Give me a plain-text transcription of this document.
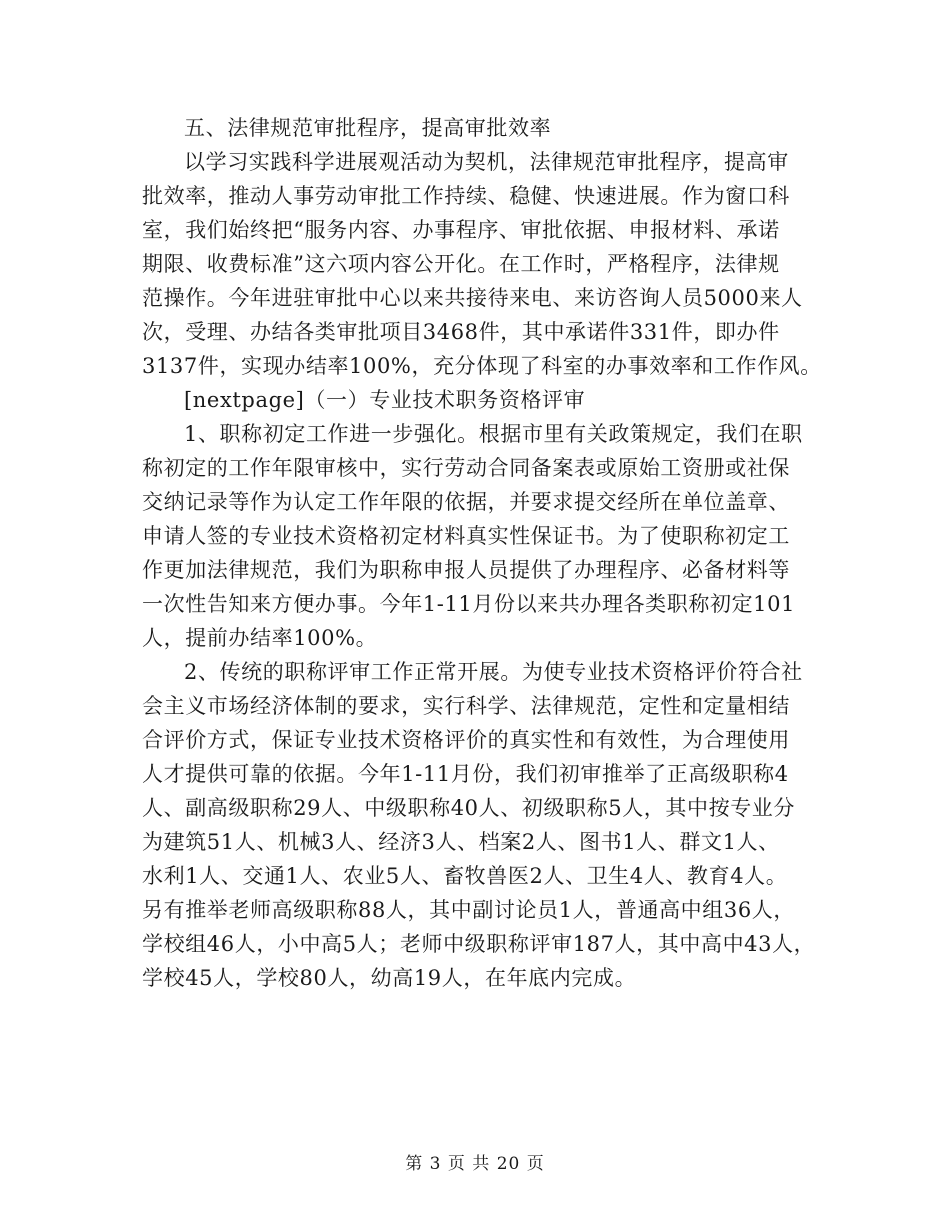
五、法律规范审批程序，提高审批效率
以学习实践科学进展观活动为契机，法律规范审批程序，提高审
批效率，推动人事劳动审批工作持续、稳健、快速进展。作为窗口科
室，我们始终把“服务内容、办事程序、审批依据、申报材料、承诺
期限、收费标准”这六项内容公开化。在工作时，严格程序，法律规
范操作。今年进驻审批中心以来共接待来电、来访咨询人员5000来人
次，受理、办结各类审批项目3468件，其中承诺件331件，即办件
3137件，实现办结率100%，充分体现了科室的办事效率和工作作风。
[nextpage]（一）专业技术职务资格评审
1、职称初定工作进一步强化。根据市里有关政策规定，我们在职
称初定的工作年限审核中，实行劳动合同备案表或原始工资册或社保
交纳记录等作为认定工作年限的依据，并要求提交经所在单位盖章、
申请人签的专业技术资格初定材料真实性保证书。为了使职称初定工
作更加法律规范，我们为职称申报人员提供了办理程序、必备材料等
一次性告知来方便办事。今年1-11月份以来共办理各类职称初定101
人，提前办结率100%。
2、传统的职称评审工作正常开展。为使专业技术资格评价符合社
会主义市场经济体制的要求，实行科学、法律规范，定性和定量相结
合评价方式，保证专业技术资格评价的真实性和有效性，为合理使用
人才提供可靠的依据。今年1-11月份，我们初审推举了正高级职称4
人、副高级职称29人、中级职称40人、初级职称5人，其中按专业分
为建筑51人、机械3人、经济3人、档案2人、图书1人、群文1人、
水利1人、交通1人、农业5人、畜牧兽医2人、卫生4人、教育4人。
另有推举老师高级职称88人，其中副讨论员1人，普通高中组36人，
学校组46人，小中高5人；老师中级职称评审187人，其中高中43人，
学校45人，学校80人，幼高19人，在年底内完成。
第 3 页 共 20 页
